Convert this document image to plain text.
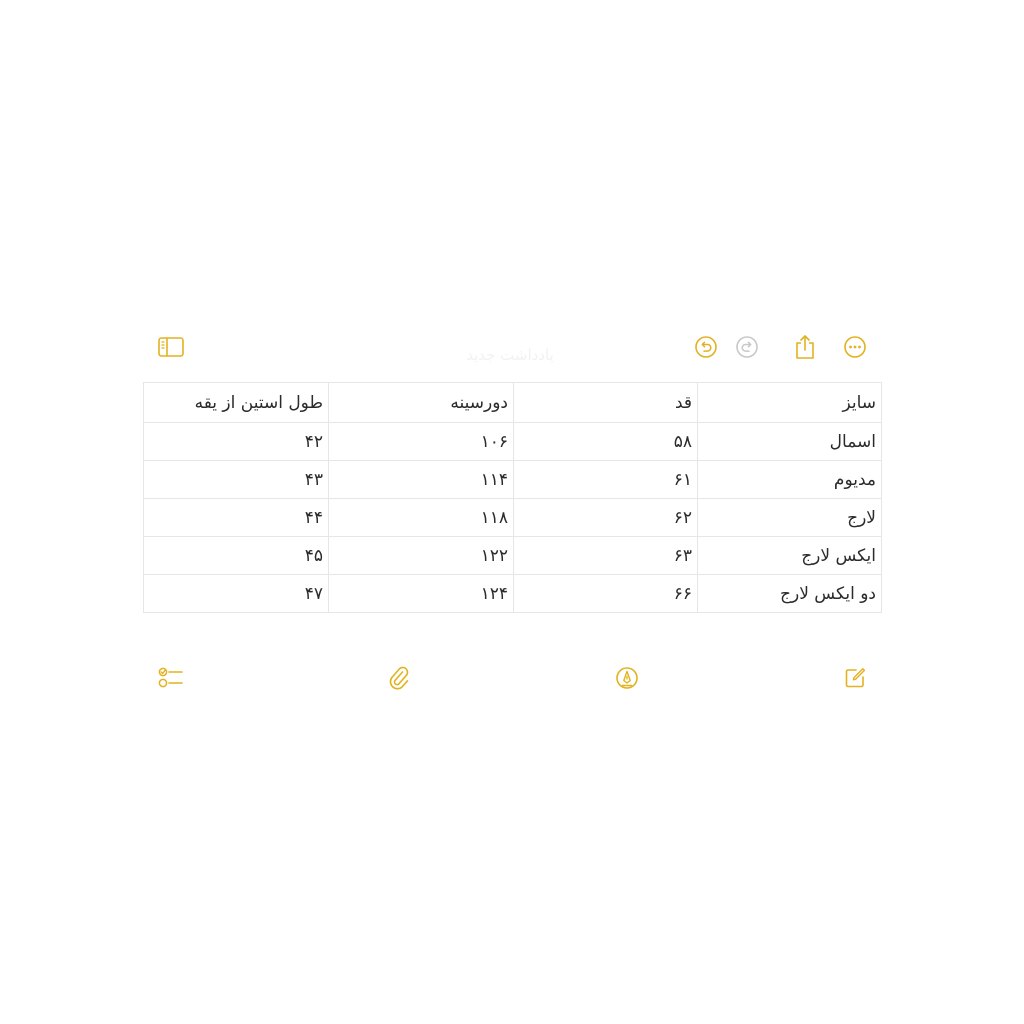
یادداشت جدید
سایز	قد	دورسینه	طول استین از یقه
اسمال	۵۸	۱۰۶	۴۲
مدیوم	۶۱	۱۱۴	۴۳
لارج	۶۲	۱۱۸	۴۴
ایکس لارج	۶۳	۱۲۲	۴۵
دو ایکس لارج	۶۶	۱۲۴	۴۷
